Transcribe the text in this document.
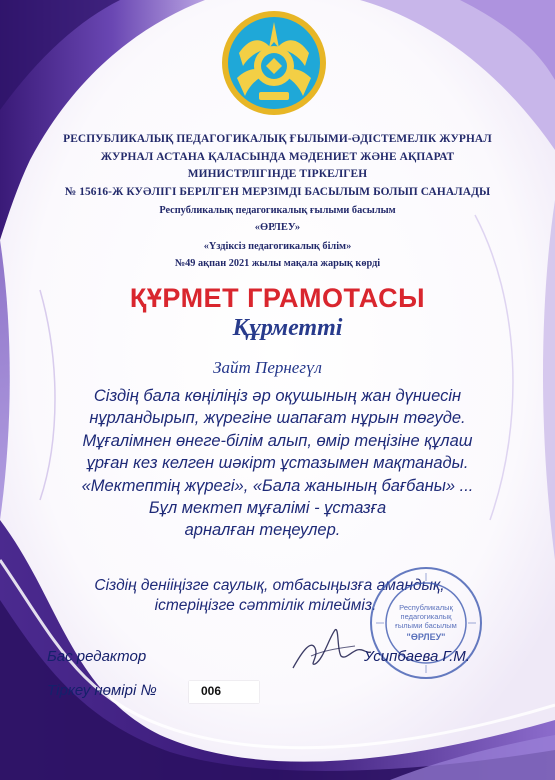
РЕСПУБЛИКАЛЫҚ ПЕДАГОГИКАЛЫҚ ҒЫЛЫМИ-ӘДІСТЕМЕЛІК ЖУРНАЛ
ЖУРНАЛ АСТАНА ҚАЛАСЫНДА МӘДЕНИЕТ ЖӘНЕ АҚПАРАТ
МИНИСТРЛІГІНДЕ ТІРКЕЛГЕН
№ 15616-Ж КУӘЛІГІ БЕРІЛГЕН МЕРЗІМДІ БАСЫЛЫМ БОЛЫП САНАЛАДЫ
Республикалық педагогикалық ғылыми басылым
«ӨРЛЕУ»
«Үздіксіз педагогикалық білім»
№49 ақпан 2021 жылы мақала жарық көрді
ҚҰРМЕТ ГРАМОТАСЫ
Құрметті
Зайт Пернегүл
Сіздің бала көңіліңіз әр оқушының жан дүниесін
нұрландырып, жүрегіне шапағат нұрын төгуде.
Мұғалімнен өнеге-білім алып, өмір теңізіне құлаш
ұрған кез келген шәкірт ұстазымен мақтанады.
«Мектептің жүрегі», «Бала жанының бағбаны» ...
Бұл мектеп мұғалімі - ұстазға
арналған теңеулер.
Сіздің денііңізге саулық, отбасыңызға амандық,
істеріңізге сәттілік тілейміз.	Республикалық
педагогикалық
ғылыми басылым
"ӨРЛЕУ"
Бас редактор	Усипбаева Г.М.
Тіркеу нөмірі №	006
